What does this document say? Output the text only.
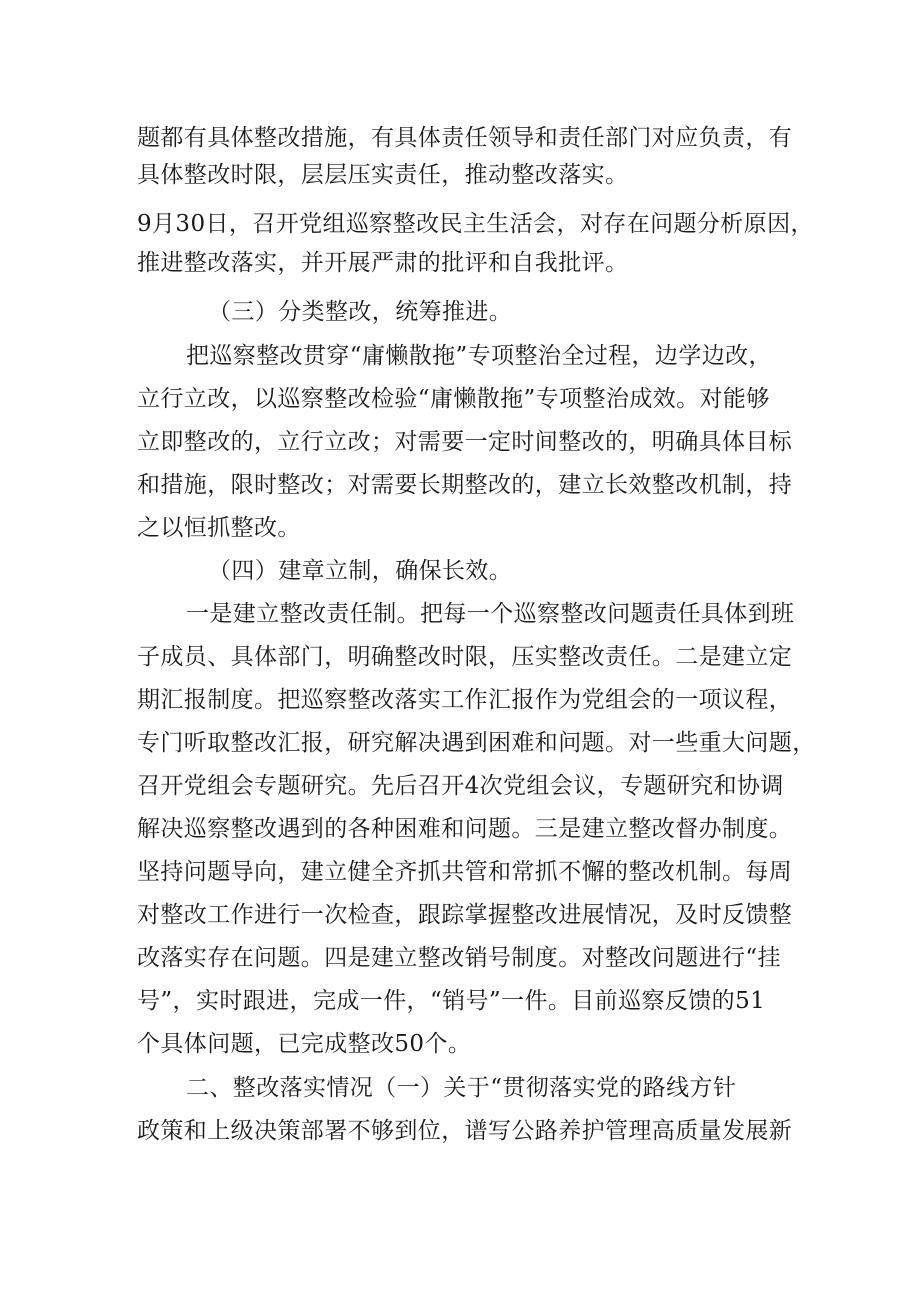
题都有具体整改措施，有具体责任领导和责任部门对应负责，有
具体整改时限，层层压实责任，推动整改落实。
9月30日，召开党组巡察整改民主生活会，对存在问题分析原因，
推进整改落实，并开展严肃的批评和自我批评。
（三）分类整改，统筹推进。
把巡察整改贯穿“庸懒散拖”专项整治全过程，边学边改，
立行立改，以巡察整改检验“庸懒散拖”专项整治成效。对能够
立即整改的，立行立改；对需要一定时间整改的，明确具体目标
和措施，限时整改；对需要长期整改的，建立长效整改机制，持
之以恒抓整改。
（四）建章立制，确保长效。
一是建立整改责任制。把每一个巡察整改问题责任具体到班
子成员、具体部门，明确整改时限，压实整改责任。二是建立定
期汇报制度。把巡察整改落实工作汇报作为党组会的一项议程，
专门听取整改汇报，研究解决遇到困难和问题。对一些重大问题，
召开党组会专题研究。先后召开4次党组会议，专题研究和协调
解决巡察整改遇到的各种困难和问题。三是建立整改督办制度。
坚持问题导向，建立健全齐抓共管和常抓不懈的整改机制。每周
对整改工作进行一次检查，跟踪掌握整改进展情况，及时反馈整
改落实存在问题。四是建立整改销号制度。对整改问题进行“挂
号”，实时跟进，完成一件，“销号”一件。目前巡察反馈的51
个具体问题，已完成整改50个。
二、整改落实情况（一）关于“贯彻落实党的路线方针
政策和上级决策部署不够到位，谱写公路养护管理高质量发展新
